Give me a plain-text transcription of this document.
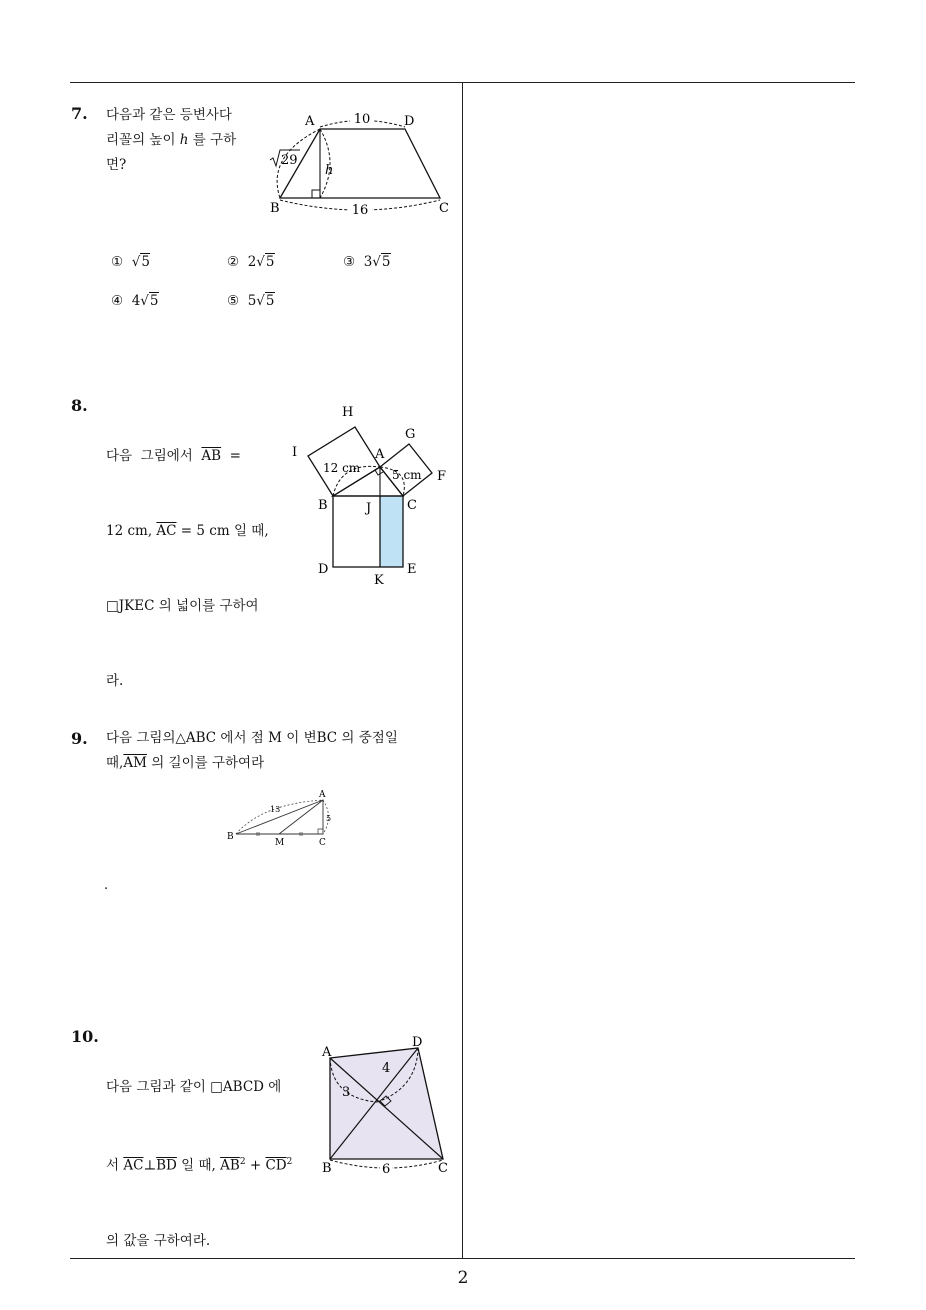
7. 다음과 같은 등변사다
리꼴의 높이 h 를 구하
면?
10
16
A	D
B	C
h
29
① √5	② 2√5	③ 3√5
④ 4√5	⑤ 5√5
8.

다음  그림에서  $\overline{AB}$  =

12 cm, $\overline{AC} = 5$ cm 일 때,

□JKEC 의 넓이를 구하여

라.

12 cm	5 cm
H
G
I	A
F
B	J	C
D
K
E
9. 다음 그림의△ABC 에서 점 M 이 변BC 의 중점일
때$,\overline{AM}$ 의 길이를 구하여라
13
5
A
B
M	C
.
10.

다음 그림과 같이 □ABCD 에

서 $\overline{AC}\perp\overline{BD}$ 일 때, $\overline{AB}^2 + \overline{CD}^2$

의 값을 구하여라.

6
3
4
A
D
B	C
2
